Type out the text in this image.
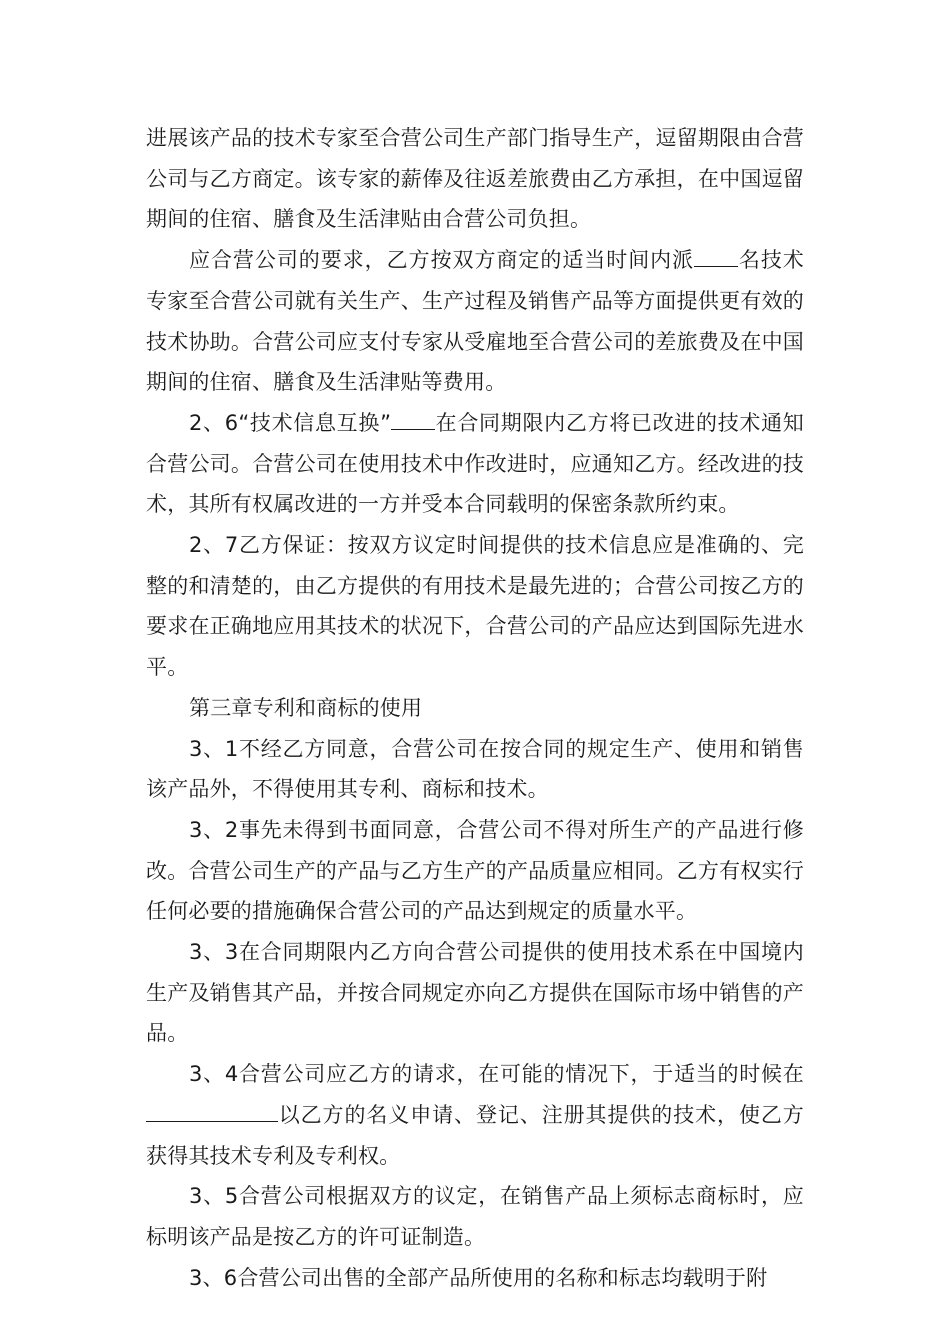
进展该产品的技术专家至合营公司生产部门指导生产，逗留期限由合营公司与乙方商定。该专家的薪俸及往返差旅费由乙方承担，在中国逗留期间的住宿、膳食及生活津贴由合营公司负担。

应合营公司的要求，乙方按双方商定的适当时间内派 名技术专家至合营公司就有关生产、生产过程及销售产品等方面提供更有效的技术协助。合营公司应支付专家从受雇地至合营公司的差旅费及在中国期间的住宿、膳食及生活津贴等费用。

2、6“技术信息互换” 在合同期限内乙方将已改进的技术通知合营公司。合营公司在使用技术中作改进时，应通知乙方。经改进的技术，其所有权属改进的一方并受本合同载明的保密条款所约束。

2、7乙方保证：按双方议定时间提供的技术信息应是准确的、完整的和清楚的，由乙方提供的有用技术是最先进的；合营公司按乙方的要求在正确地应用其技术的状况下，合营公司的产品应达到国际先进水平。

第三章专利和商标的使用

3、1不经乙方同意，合营公司在按合同的规定生产、使用和销售该产品外，不得使用其专利、商标和技术。

3、2事先未得到书面同意，合营公司不得对所生产的产品进行修改。合营公司生产的产品与乙方生产的产品质量应相同。乙方有权实行任何必要的措施确保合营公司的产品达到规定的质量水平。

3、3在合同期限内乙方向合营公司提供的使用技术系在中国境内生产及销售其产品，并按合同规定亦向乙方提供在国际市场中销售的产品。

3、4合营公司应乙方的请求，在可能的情况下，于适当的时候在以乙方的名义申请、登记、注册其提供的技术，使乙方获得其技术专利及专利权。

3、5合营公司根据双方的议定，在销售产品上须标志商标时，应标明该产品是按乙方的许可证制造。

3、6合营公司出售的全部产品所使用的名称和标志均载明于附
